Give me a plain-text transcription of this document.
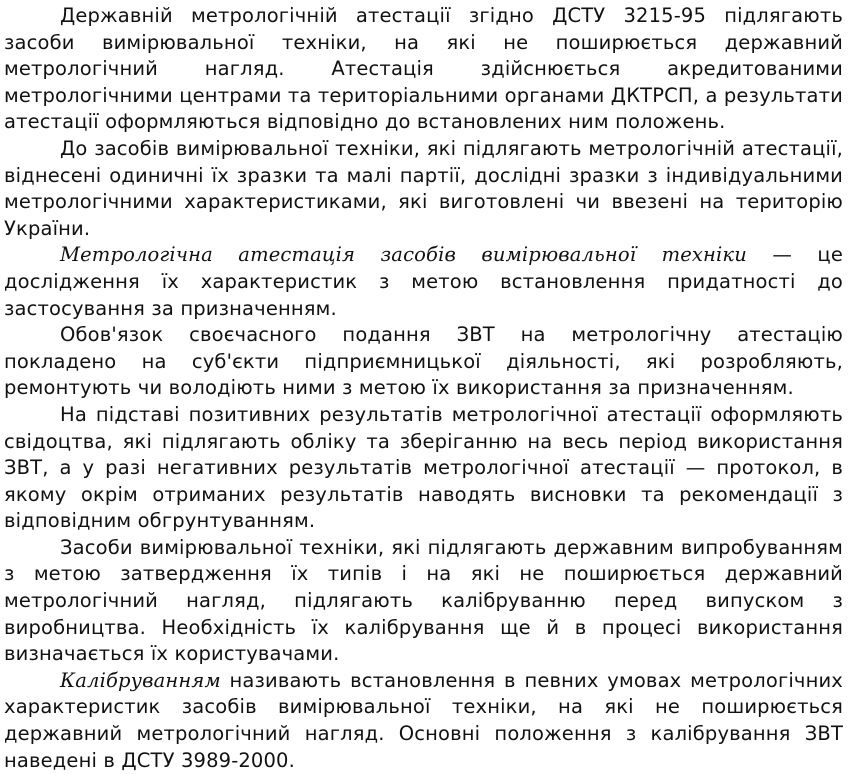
Державній метрологічній атестації згідно ДСТУ 3215-95 підлягають засоби вимірювальної техніки, на які не поширюється державний метрологічний нагляд. Атестація здійснюється акредитованими метрологічними центрами та територіальними органами ДКТРСП, а результати атестації оформляються відповідно до встановлених ним положень.

До засобів вимірювальної техніки, які підлягають метрологічній атестації, віднесені одиничні їх зразки та малі партії, дослідні зразки з індивідуальними метрологічними характеристиками, які виготовлені чи ввезені на територію України.

Метрологічна атестація засобів вимірювальної техніки — це дослідження їх характеристик з метою встановлення придатності до застосування за призначенням.

Обов'язок своєчасного подання ЗВТ на метрологічну атестацію покладено на суб'єкти підприємницької діяльності, які розробляють, ремонтують чи володіють ними з метою їх використання за призначенням.

На підставі позитивних результатів метрологічної атестації оформляють свідоцтва, які підлягають обліку та зберіганню на весь період використання ЗВТ, а у разі негативних результатів метрологічної атестації — протокол, в якому окрім отриманих результатів наводять висновки та рекомендації з відповідним обгрунтуванням.

Засоби вимірювальної техніки, які підлягають державним випробуванням з метою затвердження їх типів і на які не поширюється державний метрологічний нагляд, підлягають калібруванню перед випуском з виробництва. Необхідність їх калібрування ще й в процесі використання визначається їх користувачами.

Калібруванням називають встановлення в певних умовах метрологічних характеристик засобів вимірювальної техніки, на які не поширюється державний метрологічний нагляд. Основні положення з калібрування ЗВТ наведені в ДСТУ 3989-2000.
